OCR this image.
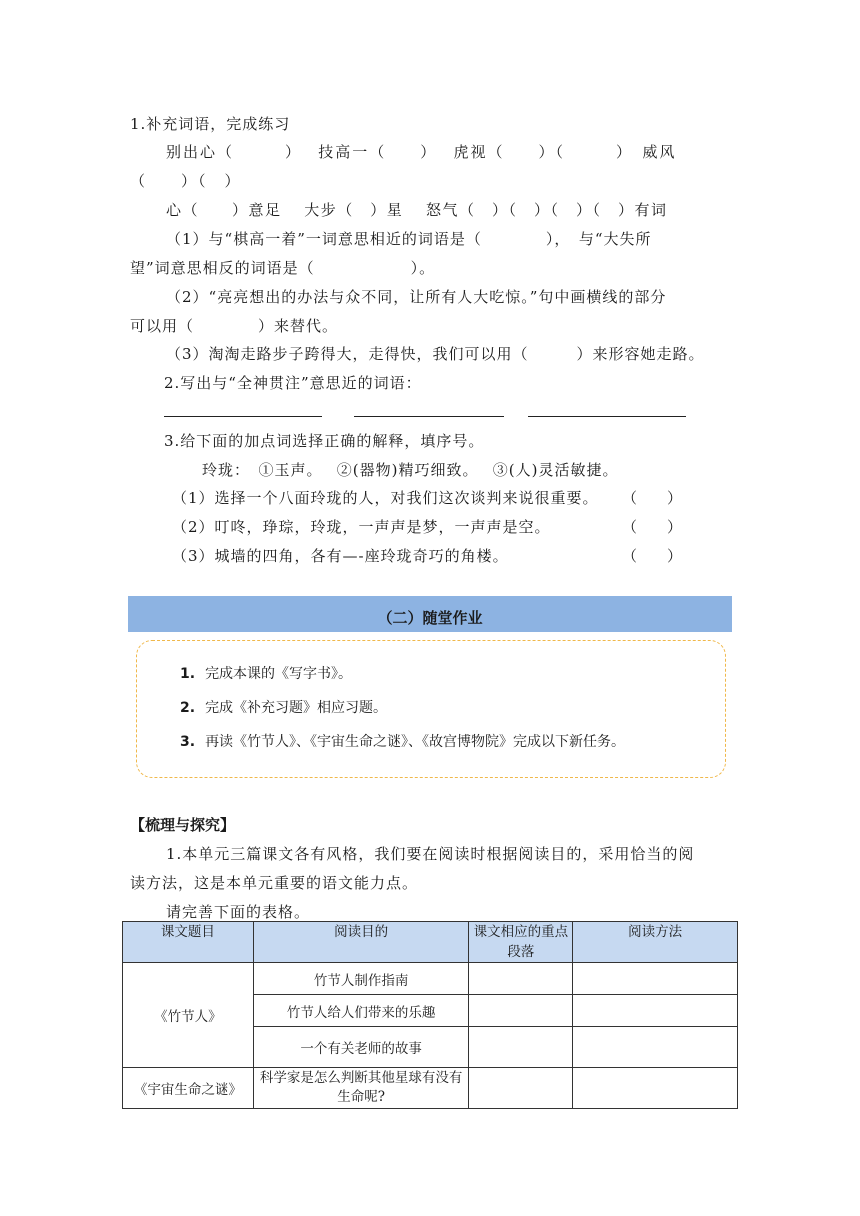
1.补充词语，完成练习
别出心（　　　）　 技高一（　　）　 虎视（　　）（　　　）　威风
（　　）（　）
心（　　）意足　 大步（　）星　 怒气（　）（　）（　）（　）有词
（1）与“棋高一着”一词意思相近的词语是（　　　　），　与“大失所
望”词意思相反的词语是（　　　　　　）。
（2）“亮亮想出的办法与众不同，让所有人大吃惊。”句中画横线的部分
可以用（　　　　）来替代。
（3）淘淘走路步子跨得大，走得快，我们可以用（　　　）来形容她走路。
2.写出与“全神贯注”意思近的词语：
3.给下面的加点词选择正确的解释，填序号。
玲珑：　①玉声。　 ②(器物)精巧细致。　 ③(人)灵活敏捷。
（1）选择一个八面玲珑的人，对我们这次谈判来说很重要。 （　　）
（2）叮咚，琤琮，玲珑，一声声是梦，一声声是空。	（　　）
（3）城墙的四角，各有—-座玲珑奇巧的角楼。	（　　）
（二）随堂作业
1. 完成本课的《写字书》。
2. 完成《补充习题》相应习题。
3. 再读《竹节人》、《宇宙生命之谜》、《故宫博物院》完成以下新任务。
【梳理与探究】
1.本单元三篇课文各有风格，我们要在阅读时根据阅读目的，采用恰当的阅
读方法，这是本单元重要的语文能力点。
请完善下面的表格。
课文题目	阅读目的	课文相应的重点段落	阅读方法
《竹节人》	竹节人制作指南		
	竹节人给人们带来的乐趣		
	一个有关老师的故事		
《宇宙生命之谜》	科学家是怎么判断其他星球有没有生命呢?		
